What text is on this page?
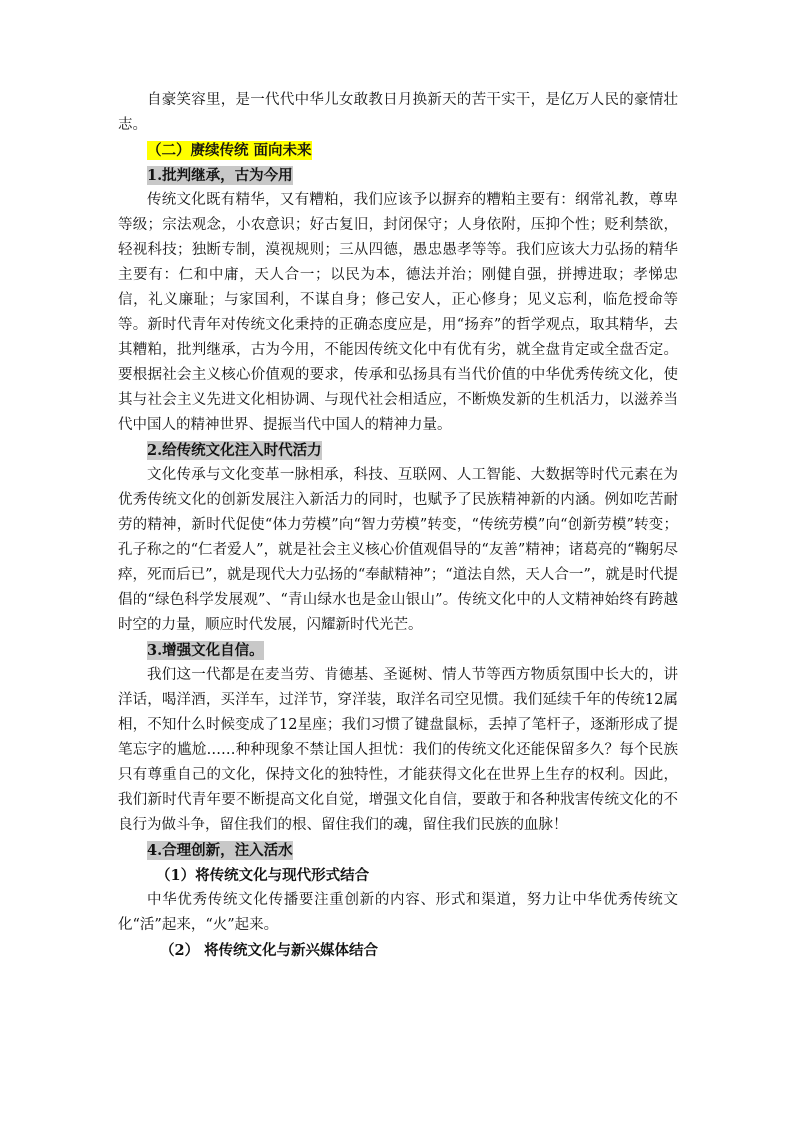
自豪笑容里，是一代代中华儿女敢教日月换新天的苦干实干，是亿万人民的豪情壮志。

（二）赓续传统 面向未来
1.批判继承，古为今用

传统文化既有精华，又有糟粕，我们应该予以摒弃的糟粕主要有：纲常礼教，尊卑等级；宗法观念，小农意识；好古复旧，封闭保守；人身依附，压抑个性；贬利禁欲，轻视科技；独断专制，漠视规则；三从四德，愚忠愚孝等等。我们应该大力弘扬的精华主要有：仁和中庸，天人合一；以民为本，德法并治；刚健自强，拼搏进取；孝悌忠信，礼义廉耻；与家国利，不谋自身；修己安人，正心修身；见义忘利，临危授命等等。新时代青年对传统文化秉持的正确态度应是，用“扬弃”的哲学观点，取其精华，去其糟粕，批判继承，古为今用，不能因传统文化中有优有劣，就全盘肯定或全盘否定。要根据社会主义核心价值观的要求，传承和弘扬具有当代价值的中华优秀传统文化，使其与社会主义先进文化相协调、与现代社会相适应，不断焕发新的生机活力，以滋养当代中国人的精神世界、提振当代中国人的精神力量。

2.给传统文化注入时代活力

文化传承与文化变革一脉相承，科技、互联网、人工智能、大数据等时代元素在为优秀传统文化的创新发展注入新活力的同时，也赋予了民族精神新的内涵。例如吃苦耐劳的精神，新时代促使“体力劳模”向“智力劳模”转变，“传统劳模”向“创新劳模”转变；孔子称之的“仁者爱人”，就是社会主义核心价值观倡导的“友善”精神；诸葛亮的“鞠躬尽瘁，死而后已”，就是现代大力弘扬的“奉献精神”；“道法自然，天人合一”，就是时代提倡的“绿色科学发展观”、“青山绿水也是金山银山”。传统文化中的人文精神始终有跨越时空的力量，顺应时代发展，闪耀新时代光芒。

3.增强文化自信。

我们这一代都是在麦当劳、肯德基、圣诞树、情人节等西方物质氛围中长大的，讲洋话，喝洋酒，买洋车，过洋节，穿洋装，取洋名司空见惯。我们延续千年的传统12属相，不知什么时候变成了12星座；我们习惯了键盘鼠标，丢掉了笔杆子，逐渐形成了提笔忘字的尴尬……种种现象不禁让国人担忧：我们的传统文化还能保留多久？每个民族只有尊重自己的文化，保持文化的独特性，才能获得文化在世界上生存的权利。因此，我们新时代青年要不断提高文化自觉，增强文化自信，要敢于和各种戕害传统文化的不良行为做斗争，留住我们的根、留住我们的魂，留住我们民族的血脉！

4.合理创新，注入活水
（1）将传统文化与现代形式结合

中华优秀传统文化传播要注重创新的内容、形式和渠道，努力让中华优秀传统文化“活”起来，“火”起来。

（2） 将传统文化与新兴媒体结合
